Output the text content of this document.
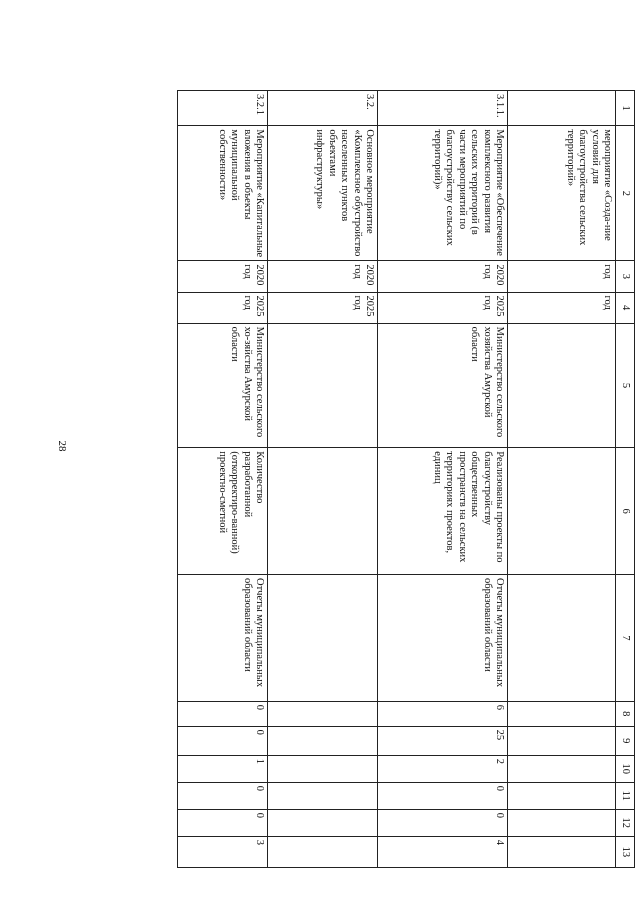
28
1	2	3	4	5	6	7	8	9	10	11	12	13
	мероприятие «Созда-ние условий для благоустройства сельских территорий»	год	год									
3.1.1.	Мероприятие «Обеспечение комплексного развития сельских территорий (в части мероприятий по благоустройству сельских территорий)»	2020 год	2025 год	Министерство сельского хозяйства Амурской области	Реализованы проекты по благоустройству общественных пространств на сельских территориях проектов, единиц	Отчеты муниципальных образований области	6	25	2	0	0	4
3.2.	Основное мероприятие «Комплексное обустройство населенных пунктов объектами инфраструктуры»	2020 год	2025 год									
3.2.1	Мероприятие «Капитальные вложения в объекты муниципальной собственности»	2020 год	2025 год	Министерство сельского хо-зяйства Амурской области	Количество разработанной (откорректиро-ванной) проектно-сметной	Отчеты муниципальных образований области	0	0	1	0	0	3
